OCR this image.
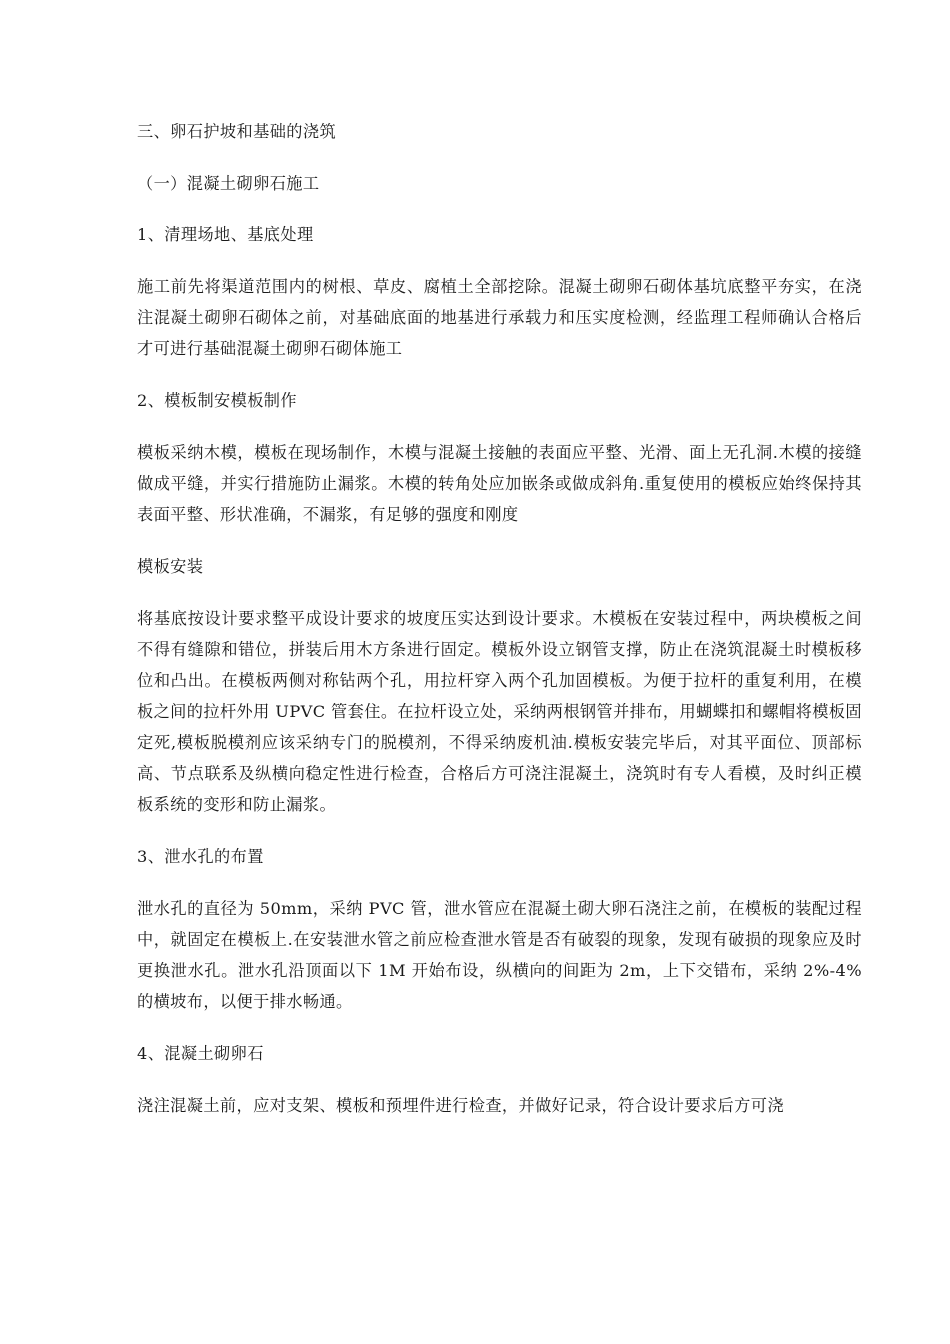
三、卵石护坡和基础的浇筑

（一）混凝土砌卵石施工

1、清理场地、基底处理

施工前先将渠道范围内的树根、草皮、腐植土全部挖除。混凝土砌卵石砌体基坑底整平夯实，在浇注混凝土砌卵石砌体之前，对基础底面的地基进行承载力和压实度检测，经监理工程师确认合格后才可进行基础混凝土砌卵石砌体施工

2、模板制安模板制作

模板采纳木模，模板在现场制作，木模与混凝土接触的表面应平整、光滑、面上无孔洞.木模的接缝做成平缝，并实行措施防止漏浆。木模的转角处应加嵌条或做成斜角.重复使用的模板应始终保持其表面平整、形状准确，不漏浆，有足够的强度和刚度

模板安装

将基底按设计要求整平成设计要求的坡度压实达到设计要求。木模板在安装过程中，两块模板之间不得有缝隙和错位，拼装后用木方条进行固定。模板外设立钢管支撑，防止在浇筑混凝土时模板移位和凸出。在模板两侧对称钻两个孔，用拉杆穿入两个孔加固模板。为便于拉杆的重复利用，在模板之间的拉杆外用 UPVC 管套住。在拉杆设立处，采纳两根钢管并排布，用蝴蝶扣和螺帽将模板固定死,模板脱模剂应该采纳专门的脱模剂，不得采纳废机油.模板安装完毕后，对其平面位、顶部标高、节点联系及纵横向稳定性进行检查，合格后方可浇注混凝土，浇筑时有专人看模，及时纠正模板系统的变形和防止漏浆。

3、泄水孔的布置

泄水孔的直径为 50mm，采纳 PVC 管，泄水管应在混凝土砌大卵石浇注之前，在模板的装配过程中，就固定在模板上.在安装泄水管之前应检查泄水管是否有破裂的现象，发现有破损的现象应及时更换泄水孔。泄水孔沿顶面以下 1M 开始布设，纵横向的间距为 2m，上下交错布，采纳 2%-4%的横坡布，以便于排水畅通。

4、混凝土砌卵石

浇注混凝土前，应对支架、模板和预埋件进行检查，并做好记录，符合设计要求后方可浇
